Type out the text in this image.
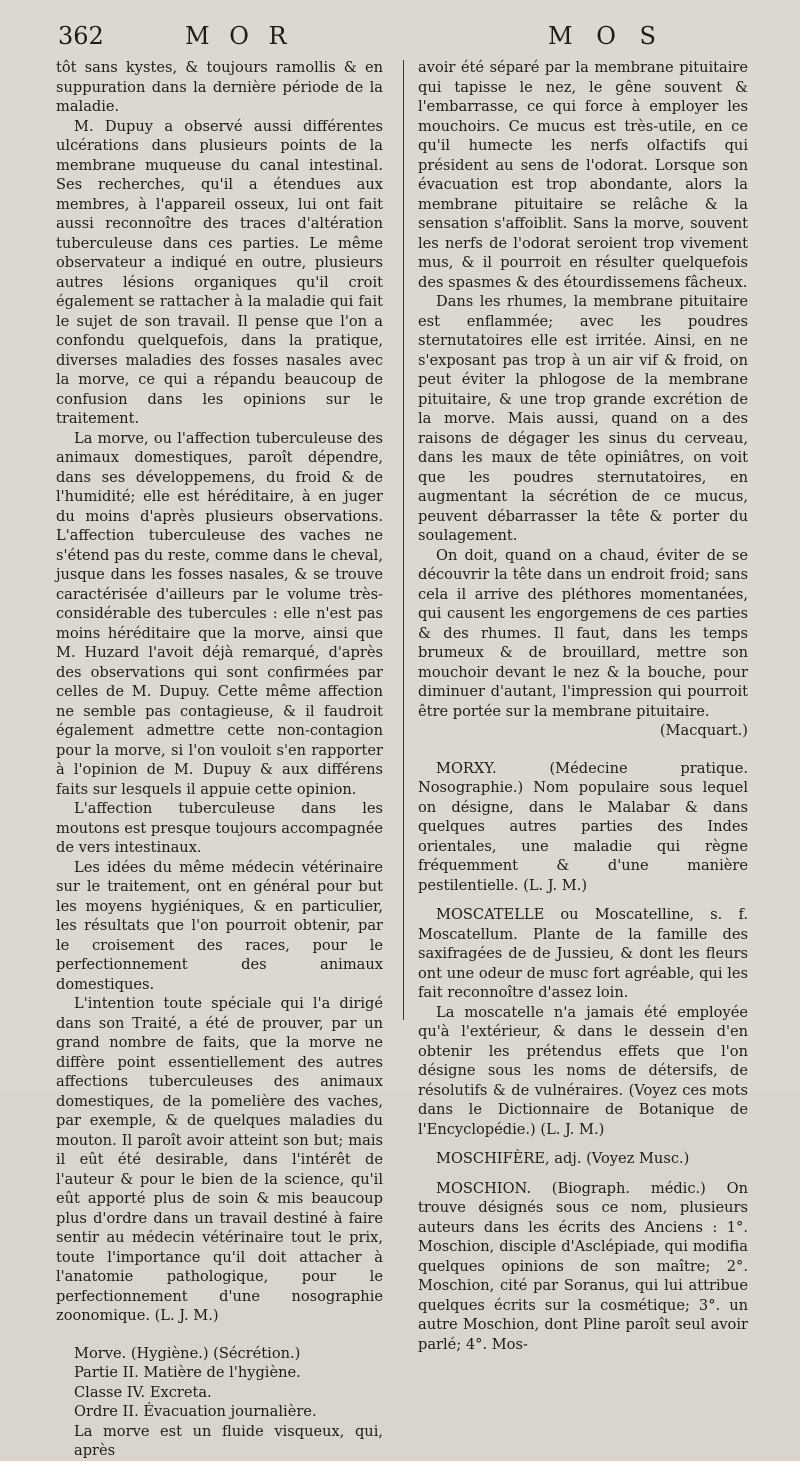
362	M O R	M O S

tôt sans kystes, & toujours ramollis & en suppuration dans la dernière période de la maladie.

M. Dupuy a observé aussi différentes ulcérations dans plusieurs points de la membrane muqueuse du canal intestinal. Ses recherches, qu'il a étendues aux membres, à l'appareil osseux, lui ont fait aussi reconnoître des traces d'altération tuberculeuse dans ces parties. Le même observateur a indiqué en outre, plusieurs autres lésions organiques qu'il croit également se rattacher à la maladie qui fait le sujet de son travail. Il pense que l'on a confondu quelquefois, dans la pratique, diverses maladies des fosses nasales avec la morve, ce qui a répandu beaucoup de confusion dans les opinions sur le traitement.

La morve, ou l'affection tuberculeuse des animaux domestiques, paroît dépendre, dans ses développemens, du froid & de l'humidité; elle est héréditaire, à en juger du moins d'après plusieurs observations. L'affection tuberculeuse des vaches ne s'étend pas du reste, comme dans le cheval, jusque dans les fosses nasales, & se trouve caractérisée d'ailleurs par le volume très-considérable des tubercules : elle n'est pas moins héréditaire que la morve, ainsi que M. Huzard l'avoit déjà remarqué, d'après des observations qui sont confirmées par celles de M. Dupuy. Cette même affection ne semble pas contagieuse, & il faudroit également admettre cette non-contagion pour la morve, si l'on vouloit s'en rapporter à l'opinion de M. Dupuy & aux différens faits sur lesquels il appuie cette opinion.

L'affection tuberculeuse dans les moutons est presque toujours accompagnée de vers intestinaux.

Les idées du même médecin vétérinaire sur le traitement, ont en général pour but les moyens hygiéniques, & en particulier, les résultats que l'on pourroit obtenir, par le croisement des races, pour le perfectionnement des animaux domestiques.

L'intention toute spéciale qui l'a dirigé dans son Traité, a été de prouver, par un grand nombre de faits, que la morve ne diffère point essentiellement des autres affections tuberculeuses des animaux domestiques, de la pomelière des vaches, par exemple, & de quelques maladies du mouton. Il paroît avoir atteint son but; mais il eût été desirable, dans l'intérêt de l'auteur & pour le bien de la science, qu'il eût apporté plus de soin & mis beaucoup plus d'ordre dans un travail destiné à faire sentir au médecin vétérinaire tout le prix, toute l'importance qu'il doit attacher à l'anatomie pathologique, pour le perfectionnement d'une nosographie zoonomique. (L. J. M.)

Morve. (Hygiène.) (Sécrétion.)

Partie II. Matière de l'hygiène.

Classe IV. Excreta.

Ordre II. Évacuation journalière.

La morve est un fluide visqueux, qui, après

avoir été séparé par la membrane pituitaire qui tapisse le nez, le gêne souvent & l'embarrasse, ce qui force à employer les mouchoirs. Ce mucus est très-utile, en ce qu'il humecte les nerfs olfactifs qui président au sens de l'odorat. Lorsque son évacuation est trop abondante, alors la membrane pituitaire se relâche & la sensation s'affoiblit. Sans la morve, souvent les nerfs de l'odorat seroient trop vivement mus, & il pourroit en résulter quelquefois des spasmes & des étourdissemens fâcheux.

Dans les rhumes, la membrane pituitaire est enflammée; avec les poudres sternutatoires elle est irritée. Ainsi, en ne s'exposant pas trop à un air vif & froid, on peut éviter la phlogose de la membrane pituitaire, & une trop grande excrétion de la morve. Mais aussi, quand on a des raisons de dégager les sinus du cerveau, dans les maux de tête opiniâtres, on voit que les poudres sternutatoires, en augmentant la sécrétion de ce mucus, peuvent débarrasser la tête & porter du soulagement.

On doit, quand on a chaud, éviter de se découvrir la tête dans un endroit froid; sans cela il arrive des pléthores momentanées, qui causent les engorgemens de ces parties & des rhumes. Il faut, dans les temps brumeux & de brouillard, mettre son mouchoir devant le nez & la bouche, pour diminuer d'autant, l'impression qui pourroit être portée sur la membrane pituitaire.

(Macquart.)

MORXY. (Médecine pratique. Nosographie.) Nom populaire sous lequel on désigne, dans le Malabar & dans quelques autres parties des Indes orientales, une maladie qui règne fréquemment & d'une manière pestilentielle. (L. J. M.)

MOSCATELLE ou Moscatelline, s. f. Moscatellum. Plante de la famille des saxifragées de de Jussieu, & dont les fleurs ont une odeur de musc fort agréable, qui les fait reconnoître d'assez loin.

La moscatelle n'a jamais été employée qu'à l'extérieur, & dans le dessein d'en obtenir les prétendus effets que l'on désigne sous les noms de détersifs, de résolutifs & de vulnéraires. (Voyez ces mots dans le Dictionnaire de Botanique de l'Encyclopédie.) (L. J. M.)

MOSCHIFÈRE, adj. (Voyez Musc.)

MOSCHION. (Biograph. médic.) On trouve désignés sous ce nom, plusieurs auteurs dans les écrits des Anciens : 1°. Moschion, disciple d'Asclépiade, qui modifia quelques opinions de son maître; 2°. Moschion, cité par Soranus, qui lui attribue quelques écrits sur la cosmétique; 3°. un autre Moschion, dont Pline paroît seul avoir parlé; 4°. Mos-
